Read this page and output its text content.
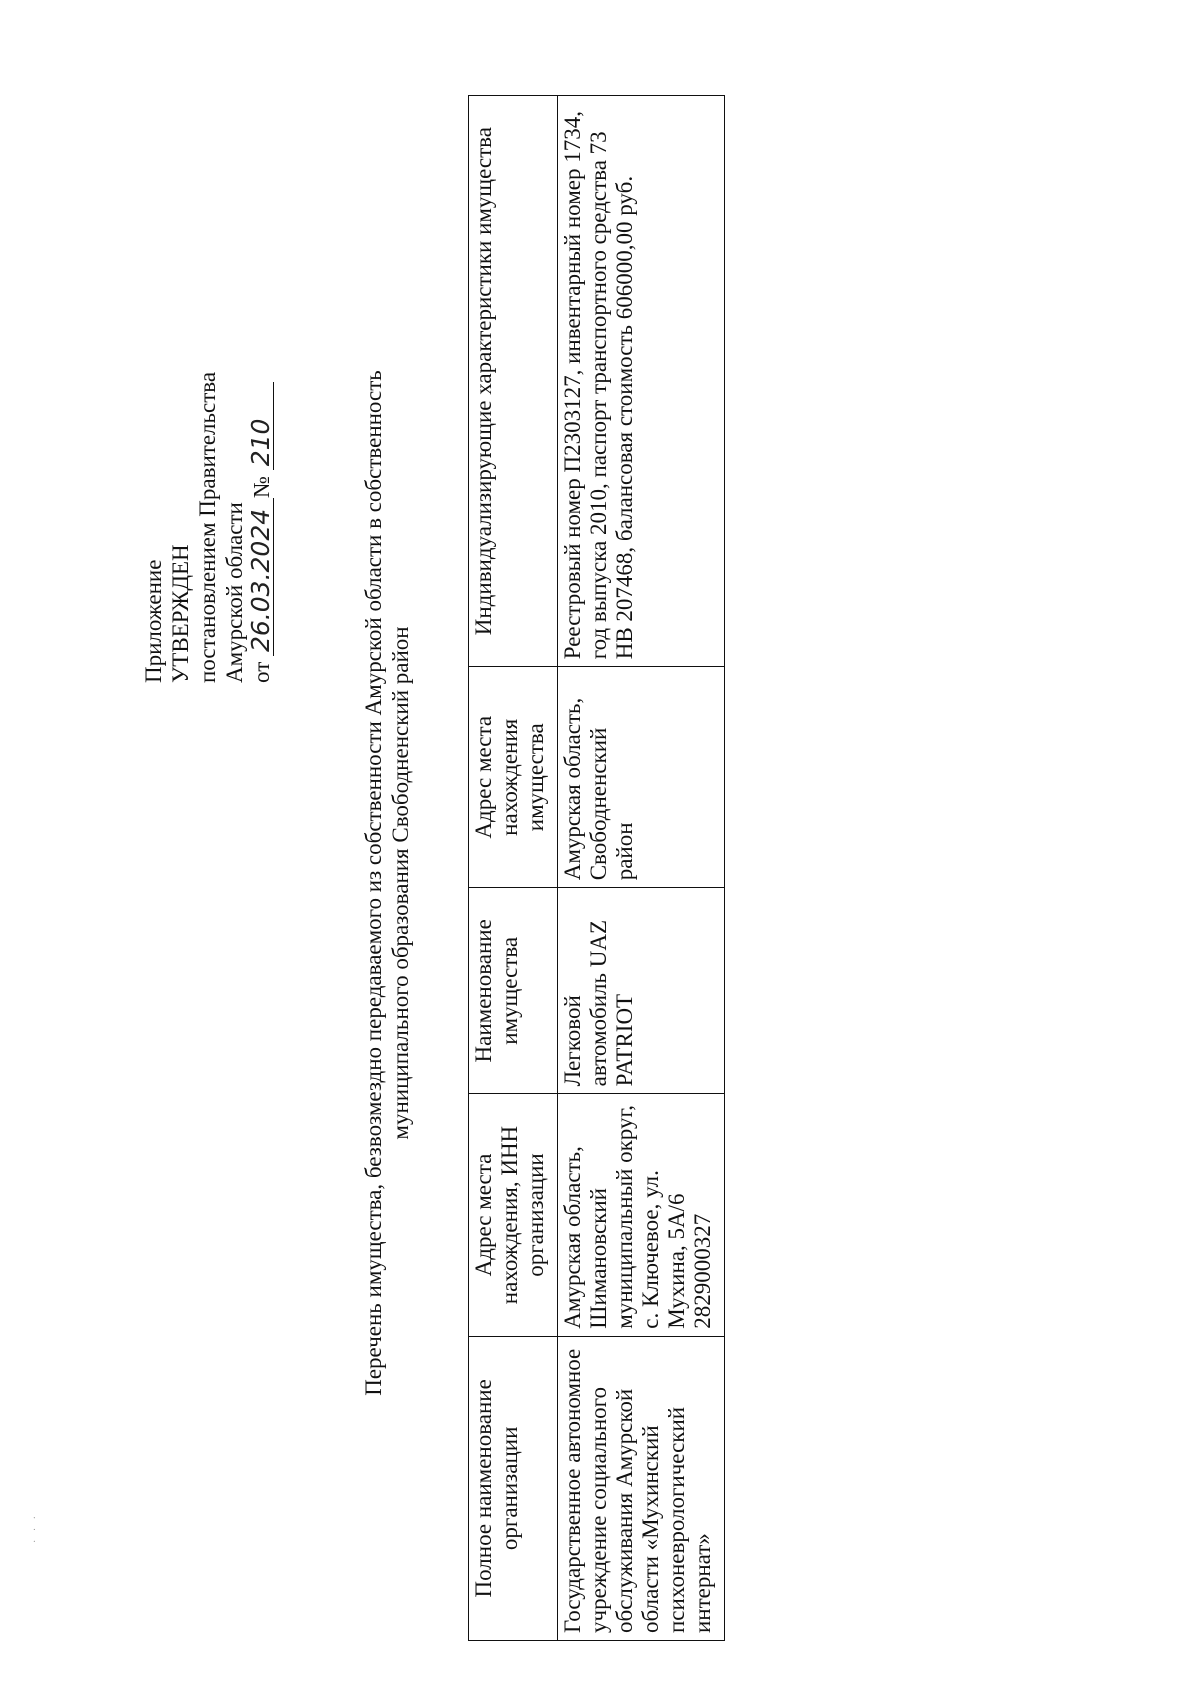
· · ·
Приложение УТВЕРЖДЕН постановлением Правительства Амурской области от 26.03.2024№ 210	Перечень имущества, безвозмездно передаваемого из собственности Амурской области в собственность муниципального образования Свободненский район
Полное наименование организации	Адрес места нахождения, ИНН организации	Наименование имущества	Адрес места нахождения имущества	Индивидуализирующие характеристики имущества
Государственное автономное учреждение социального обслуживания Амурской области «Мухинский психоневрологический интернат»	Амурская область, Шимановский муниципальный округ, с. Ключевое, ул. Мухина, 5А/6 2829000327	Легковой автомобиль UAZ PATRIOT	Амурская область, Свободненский район	Реестровый номер П2303127, инвентарный номер 1734, год выпуска 2010, паспорт транспортного средства 73 НВ 207468, балансовая стоимость 606000,00 руб.
